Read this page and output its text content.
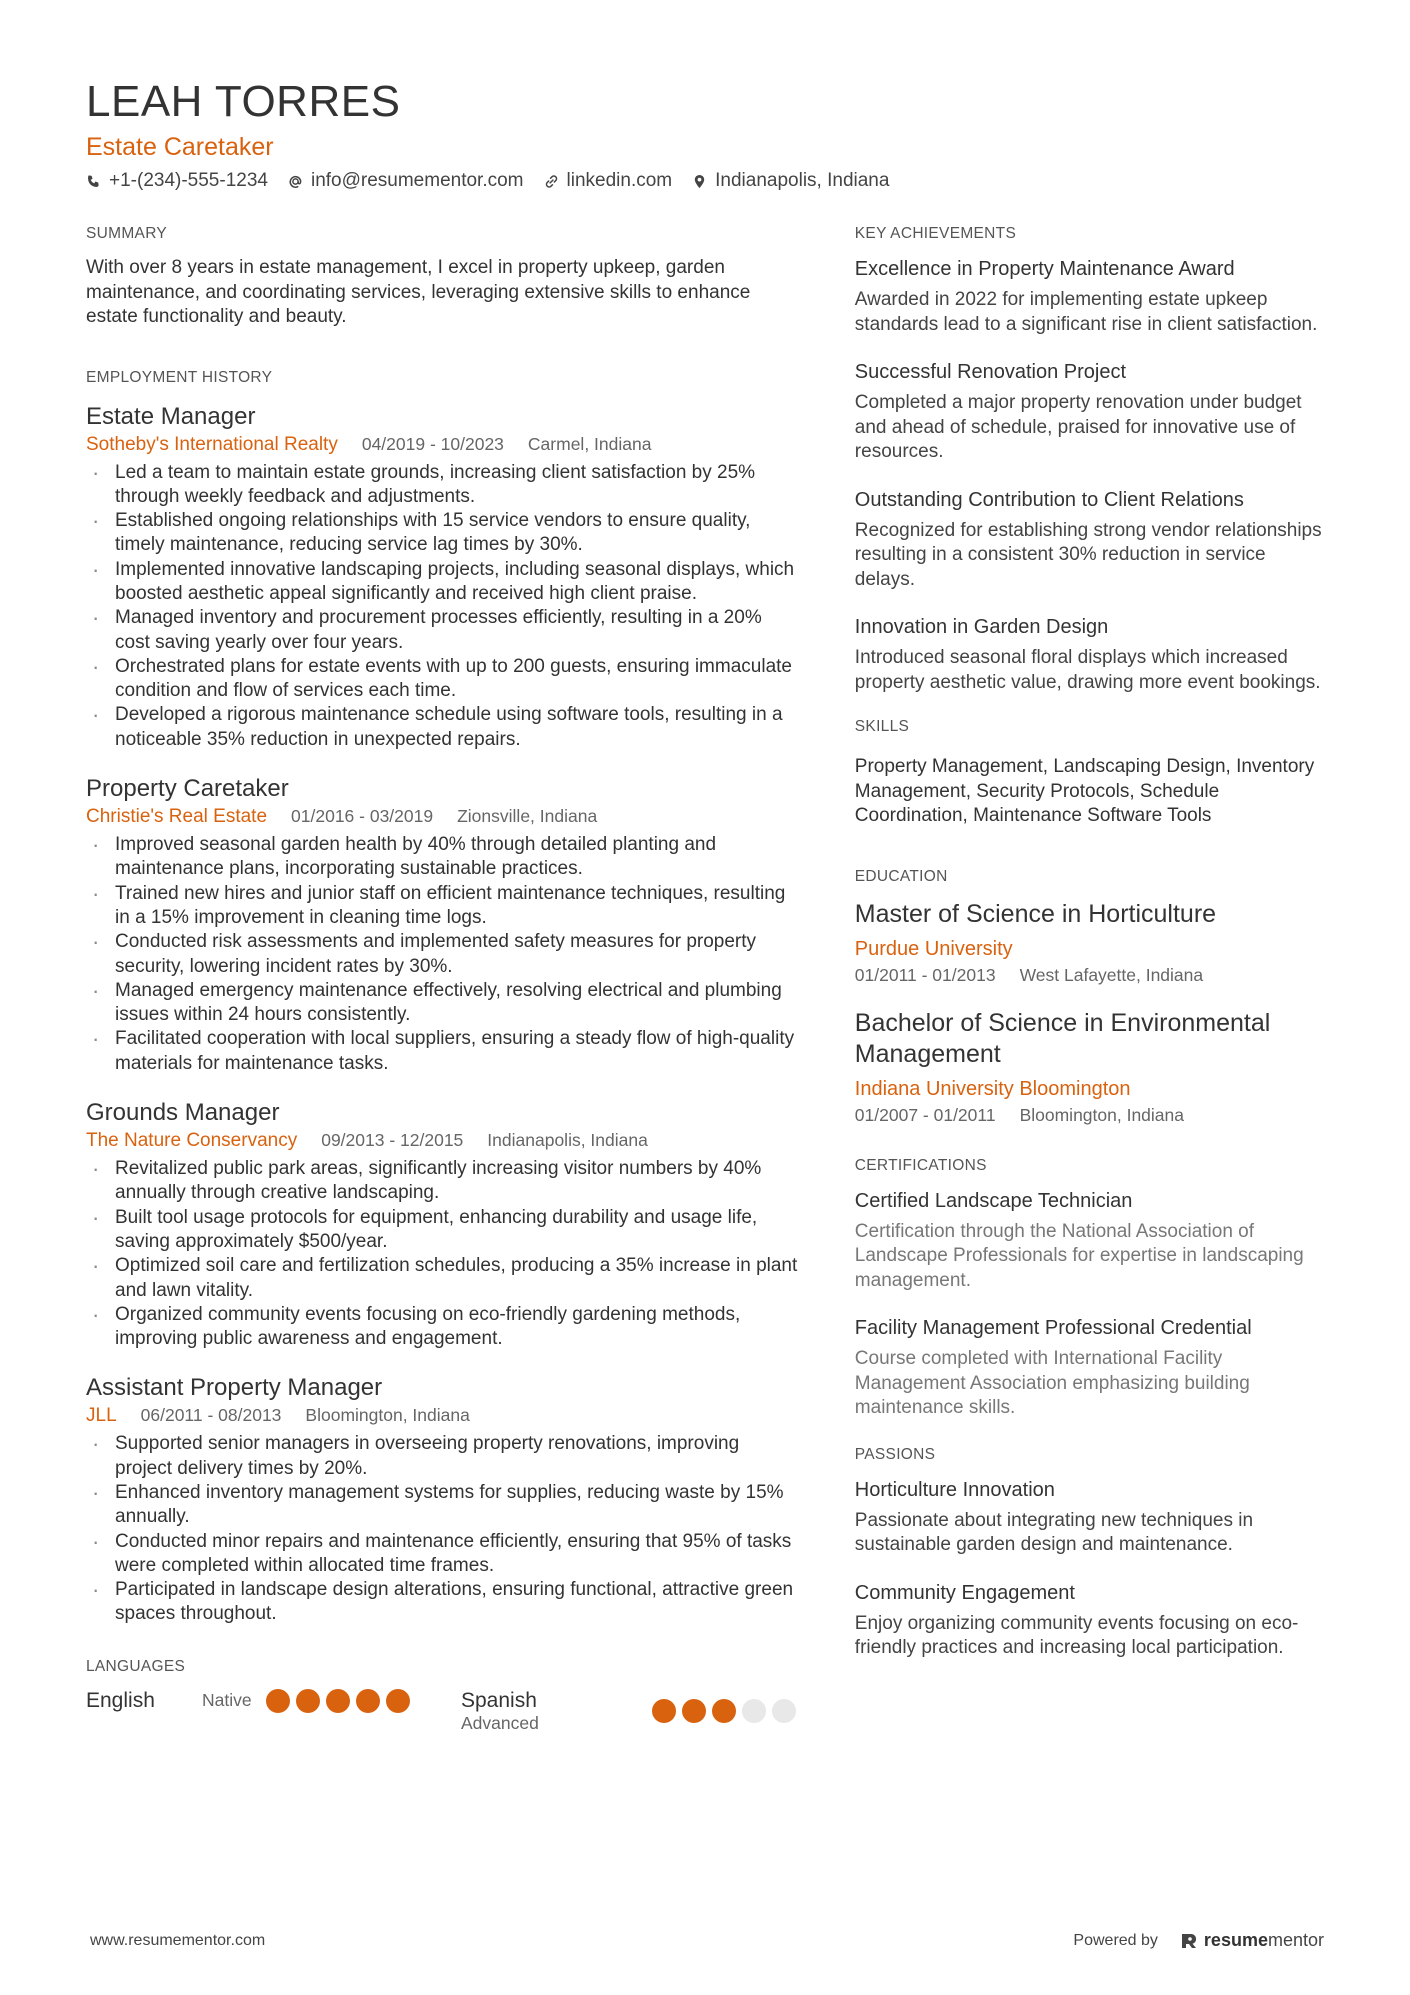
LEAH TORRES
Estate Caretaker
+1-(234)-555-1234 info@resumementor.com linkedin.com Indianapolis, Indiana
SUMMARY
With over 8 years in estate management, I excel in property upkeep, garden maintenance, and coordinating services, leveraging extensive skills to enhance estate functionality and beauty.
EMPLOYMENT HISTORY
Estate Manager
Sotheby's International Realty 04/2019 - 10/2023 Carmel, Indiana
· Led a team to maintain estate grounds, increasing client satisfaction by 25% through weekly feedback and adjustments.
· Established ongoing relationships with 15 service vendors to ensure quality, timely maintenance, reducing service lag times by 30%.
· Implemented innovative landscaping projects, including seasonal displays, which boosted aesthetic appeal significantly and received high client praise.
· Managed inventory and procurement processes efficiently, resulting in a 20% cost saving yearly over four years.
· Orchestrated plans for estate events with up to 200 guests, ensuring immaculate condition and flow of services each time.
· Developed a rigorous maintenance schedule using software tools, resulting in a noticeable 35% reduction in unexpected repairs.
Property Caretaker
Christie's Real Estate 01/2016 - 03/2019 Zionsville, Indiana
· Improved seasonal garden health by 40% through detailed planting and maintenance plans, incorporating sustainable practices.
· Trained new hires and junior staff on efficient maintenance techniques, resulting in a 15% improvement in cleaning time logs.
· Conducted risk assessments and implemented safety measures for property security, lowering incident rates by 30%.
· Managed emergency maintenance effectively, resolving electrical and plumbing issues within 24 hours consistently.
· Facilitated cooperation with local suppliers, ensuring a steady flow of high-quality materials for maintenance tasks.
Grounds Manager
The Nature Conservancy 09/2013 - 12/2015 Indianapolis, Indiana
· Revitalized public park areas, significantly increasing visitor numbers by 40% annually through creative landscaping.
· Built tool usage protocols for equipment, enhancing durability and usage life, saving approximately $500/year.
· Optimized soil care and fertilization schedules, producing a 35% increase in plant and lawn vitality.
· Organized community events focusing on eco-friendly gardening methods, improving public awareness and engagement.
Assistant Property Manager
JLL 06/2011 - 08/2013 Bloomington, Indiana
· Supported senior managers in overseeing property renovations, improving project delivery times by 20%.
· Enhanced inventory management systems for supplies, reducing waste by 15% annually.
· Conducted minor repairs and maintenance efficiently, ensuring that 95% of tasks were completed within allocated time frames.
· Participated in landscape design alterations, ensuring functional, attractive green spaces throughout.
LANGUAGES
English	Native	Spanish
Advanced
KEY ACHIEVEMENTS
Excellence in Property Maintenance Award
Awarded in 2022 for implementing estate upkeep standards lead to a significant rise in client satisfaction.
Successful Renovation Project
Completed a major property renovation under budget and ahead of schedule, praised for innovative use of resources.
Outstanding Contribution to Client Relations
Recognized for establishing strong vendor relationships resulting in a consistent 30% reduction in service delays.
Innovation in Garden Design
Introduced seasonal floral displays which increased property aesthetic value, drawing more event bookings.
SKILLS
Property Management, Landscaping Design, Inventory Management, Security Protocols, Schedule Coordination, Maintenance Software Tools
EDUCATION
Master of Science in Horticulture
Purdue University
01/2011 - 01/2013 West Lafayette, Indiana
Bachelor of Science in Environmental Management
Indiana University Bloomington
01/2007 - 01/2011 Bloomington, Indiana
CERTIFICATIONS
Certified Landscape Technician
Certification through the National Association of Landscape Professionals for expertise in landscaping management.
Facility Management Professional Credential
Course completed with International Facility Management Association emphasizing building maintenance skills.
PASSIONS
Horticulture Innovation
Passionate about integrating new techniques in sustainable garden design and maintenance.
Community Engagement
Enjoy organizing community events focusing on eco-friendly practices and increasing local participation.
www.resumementor.com	Powered by	resumementor
